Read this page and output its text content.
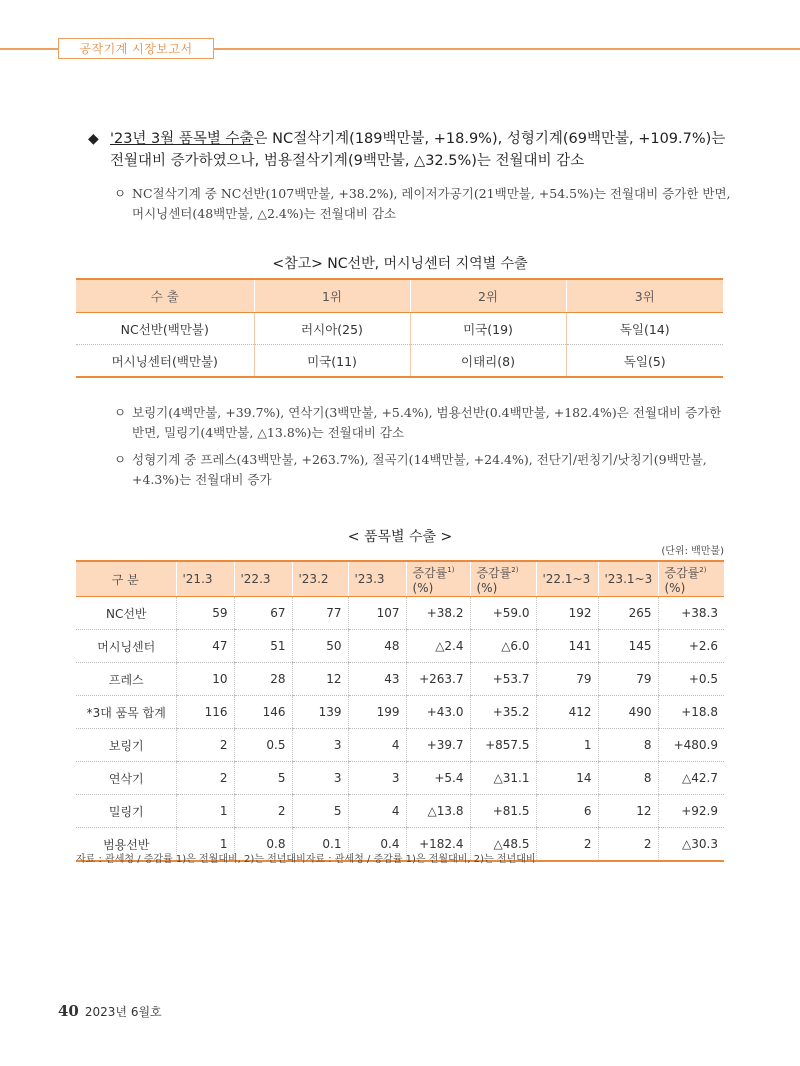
공작기계 시장보고서
◆ '23년 3월 품목별 수출은 NC절삭기계(189백만불, +18.9%), 성형기계(69백만불, +109.7%)는 전월대비 증가하였으나, 범용절삭기계(9백만불, △32.5%)는 전월대비 감소
ㅇ NC절삭기계 중 NC선반(107백만불, +38.2%), 레이저가공기(21백만불, +54.5%)는 전월대비 증가한 반면, 머시닝센터(48백만불, △2.4%)는 전월대비 감소
<참고> NC선반, 머시닝센터 지역별 수출
수 출	1위	2위	3위
NC선반(백만불)	러시아(25)	미국(19)	독일(14)
머시닝센터(백만불)	미국(11)	이태리(8)	독일(5)
ㅇ 보링기(4백만불, +39.7%), 연삭기(3백만불, +5.4%), 범용선반(0.4백만불, +182.4%)은 전월대비 증가한 반면, 밀링기(4백만불, △13.8%)는 전월대비 감소
ㅇ 성형기계 중 프레스(43백만불, +263.7%), 절곡기(14백만불, +24.4%), 전단기/펀칭기/낫칭기(9백만불, +4.3%)는 전월대비 증가
< 품목별 수출 >
(단위: 백만불)
구 분	'21.3	'22.3	'23.2	'23.3	증감률$^{1)}$(%)	증감률$^{2)}$(%)	'22.1~3	'23.1~3	증감률$^{2)}$(%)
NC선반	59	67	77	107	+38.2	+59.0	192	265	+38.3
머시닝센터	47	51	50	48	△2.4	△6.0	141	145	+2.6
프레스	10	28	12	43	+263.7	+53.7	79	79	+0.5
*3대 품목 합계	116	146	139	199	+43.0	+35.2	412	490	+18.8
보링기	2	0.5	3	4	+39.7	+857.5	1	8	+480.9
연삭기	2	5	3	3	+5.4	△31.1	14	8	△42.7
밀링기	1	2	5	4	△13.8	+81.5	6	12	+92.9
범용선반	1	0.8	0.1	0.4	+182.4	△48.5	2	2	△30.3
자료 : 관세청 / 증감률 1)은 전월대비, 2)는 전년대비자료 : 관세청 / 증감률 1)은 전월대비, 2)는 전년대비
40 2023년 6월호
